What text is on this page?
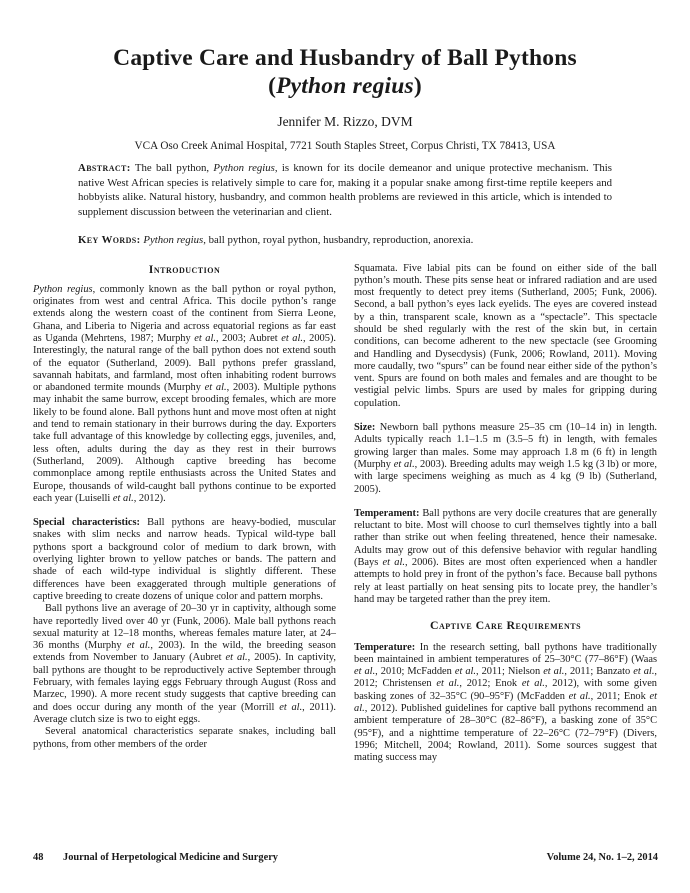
Captive Care and Husbandry of Ball Pythons
(Python regius)
Jennifer M. Rizzo, DVM
VCA Oso Creek Animal Hospital, 7721 South Staples Street, Corpus Christi, TX 78413, USA

Abstract: The ball python, Python regius, is known for its docile demeanor and unique protective mechanism. This native West African species is relatively simple to care for, making it a popular snake among first-time reptile keepers and hobbyists alike. Natural history, husbandry, and common health problems are reviewed in this article, which is intended to supplement discussion between the veterinarian and client.

Key Words: Python regius, ball python, royal python, husbandry, reproduction, anorexia.

Introduction

Python regius, commonly known as the ball python or royal python, originates from west and central Africa. This docile python’s range extends along the western coast of the continent from Sierra Leone, Ghana, and Liberia to Nigeria and across equatorial regions as far east as Uganda (Mehrtens, 1987; Murphy et al., 2003; Aubret et al., 2005). Interestingly, the natural range of the ball python does not extend south of the equator (Sutherland, 2009). Ball pythons prefer grassland, savannah habitats, and farmland, most often inhabiting rodent burrows or abandoned termite mounds (Murphy et al., 2003). Multiple pythons may inhabit the same burrow, except brooding females, which are more likely to be found alone. Ball pythons hunt and move most often at night and tend to remain stationary in their burrows during the day. Exporters take full advantage of this knowledge by collecting eggs, juveniles, and, less often, adults during the day as they rest in their burrows (Sutherland, 2009). Although captive breeding has become commonplace among reptile enthusiasts across the United States and Europe, thousands of wild-caught ball pythons continue to be exported each year (Luiselli et al., 2012).

Special characteristics: Ball pythons are heavy-bodied, muscular snakes with slim necks and narrow heads. Typical wild-type ball pythons sport a background color of medium to dark brown, with overlying lighter brown to yellow patches or bands. The pattern and shade of each wild-type individual is slightly different. These differences have been exaggerated through multiple generations of captive breeding to create dozens of unique color and pattern morphs.

Ball pythons live an average of 20–30 yr in captivity, although some have reportedly lived over 40 yr (Funk, 2006). Male ball pythons reach sexual maturity at 12–18 months, whereas females mature later, at 24–36 months (Murphy et al., 2003). In the wild, the breeding season extends from November to January (Aubret et al., 2005). In captivity, ball pythons are thought to be reproductively active September through February, with females laying eggs February through August (Ross and Marzec, 1990). A more recent study suggests that captive breeding can and does occur during any month of the year (Morrill et al., 2011). Average clutch size is two to eight eggs.

Several anatomical characteristics separate snakes, including ball pythons, from other members of the order

Squamata. Five labial pits can be found on either side of the ball python’s mouth. These pits sense heat or infrared radiation and are used most frequently to detect prey items (Sutherland, 2005; Funk, 2006). Second, a ball python’s eyes lack eyelids. The eyes are covered instead by a thin, transparent scale, known as a “spectacle”. This spectacle should be shed regularly with the rest of the skin but, in certain conditions, can become adherent to the new spectacle (see Grooming and Handling and Dysecdysis) (Funk, 2006; Rowland, 2011). Moving more caudally, two “spurs” can be found near either side of the python’s vent. Spurs are found on both males and females and are thought to be vestigial pelvic limbs. Spurs are used by males for gripping during copulation.

Size: Newborn ball pythons measure 25–35 cm (10–14 in) in length. Adults typically reach 1.1–1.5 m (3.5–5 ft) in length, with females growing larger than males. Some may approach 1.8 m (6 ft) in length (Murphy et al., 2003). Breeding adults may weigh 1.5 kg (3 lb) or more, with large specimens weighing as much as 4 kg (9 lb) (Sutherland, 2005).

Temperament: Ball pythons are very docile creatures that are generally reluctant to bite. Most will choose to curl themselves tightly into a ball rather than strike out when feeling threatened, hence their namesake. Adults may grow out of this defensive behavior with regular handling (Bays et al., 2006). Bites are most often experienced when a handler attempts to hold prey in front of the python’s face. Because ball pythons rely at least partially on heat sensing pits to locate prey, the handler’s hand may be targeted rather than the prey item.

Captive Care Requirements

Temperature: In the research setting, ball pythons have traditionally been maintained in ambient temperatures of 25–30°C (77–86°F) (Waas et al., 2010; McFadden et al., 2011; Nielson et al., 2011; Banzato et al., 2012; Christensen et al., 2012; Enok et al., 2012), with some given basking zones of 32–35°C (90–95°F) (McFadden et al., 2011; Enok et al., 2012). Published guidelines for captive ball pythons recommend an ambient temperature of 28–30°C (82–86°F), a basking zone of 35°C (95°F), and a nighttime temperature of 22–26°C (72–79°F) (Divers, 1996; Mitchell, 2004; Rowland, 2011). Some sources suggest that mating success may

48 Journal of Herpetological Medicine and Surgery	Volume 24, No. 1–2, 2014
